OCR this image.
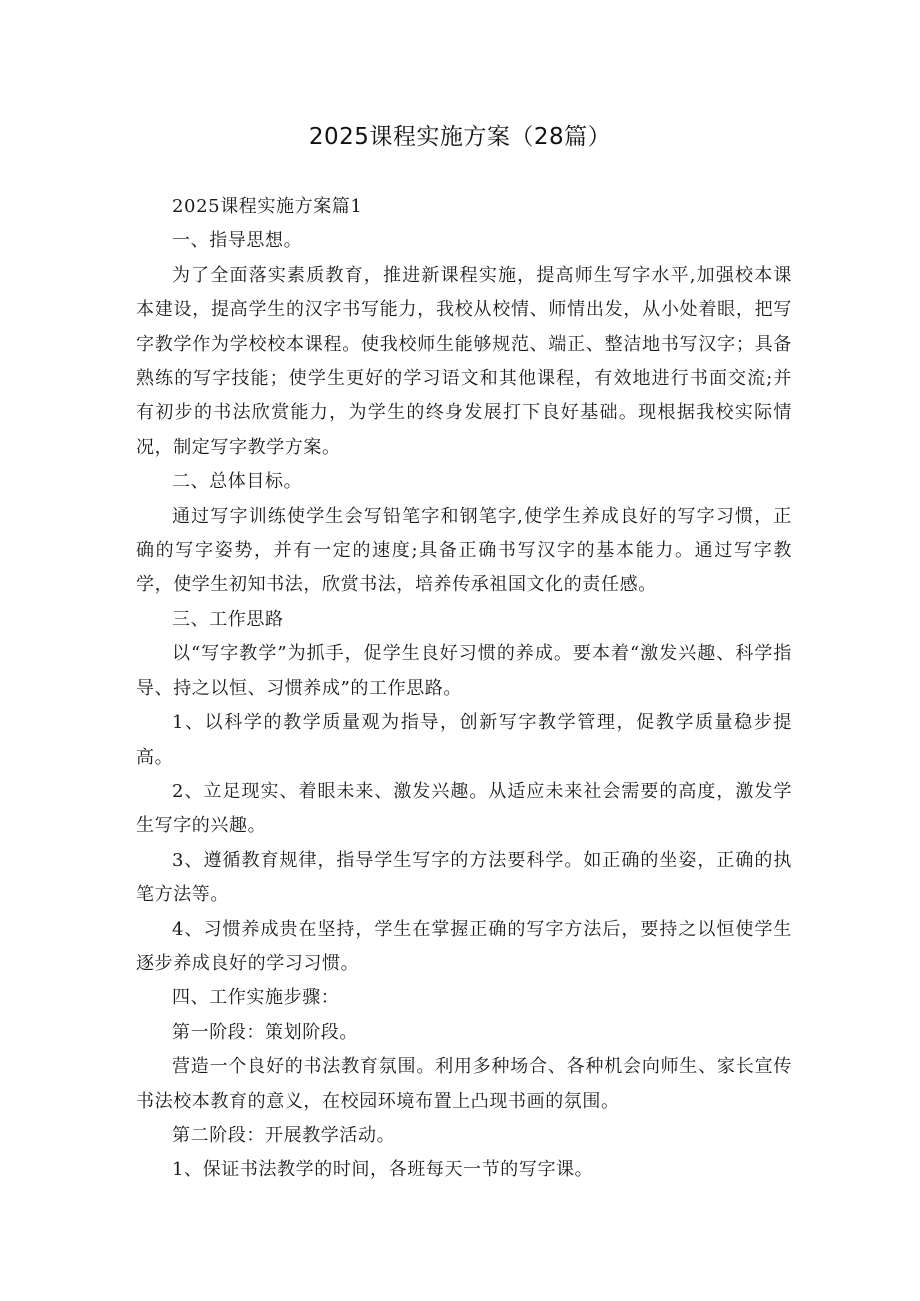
2025课程实施方案（28篇）

2025课程实施方案篇1

一、指导思想。

为了全面落实素质教育，推进新课程实施，提高师生写字水平,加强校本课本建设，提高学生的汉字书写能力，我校从校情、师情出发，从小处着眼，把写字教学作为学校校本课程。使我校师生能够规范、端正、整洁地书写汉字；具备熟练的写字技能；使学生更好的学习语文和其他课程，有效地进行书面交流;并有初步的书法欣赏能力，为学生的终身发展打下良好基础。现根据我校实际情况，制定写字教学方案。

二、总体目标。

通过写字训练使学生会写铅笔字和钢笔字,使学生养成良好的写字习惯，正确的写字姿势，并有一定的速度;具备正确书写汉字的基本能力。通过写字教学，使学生初知书法，欣赏书法，培养传承祖国文化的责任感。

三、工作思路

以“写字教学”为抓手，促学生良好习惯的养成。要本着“激发兴趣、科学指导、持之以恒、习惯养成”的工作思路。

1、以科学的教学质量观为指导，创新写字教学管理，促教学质量稳步提高。

2、立足现实、着眼未来、激发兴趣。从适应未来社会需要的高度，激发学生写字的兴趣。

3、遵循教育规律，指导学生写字的方法要科学。如正确的坐姿，正确的执笔方法等。

4、习惯养成贵在坚持，学生在掌握正确的写字方法后，要持之以恒使学生逐步养成良好的学习习惯。

四、工作实施步骤：

第一阶段：策划阶段。

营造一个良好的书法教育氛围。利用多种场合、各种机会向师生、家长宣传书法校本教育的意义，在校园环境布置上凸现书画的氛围。

第二阶段：开展教学活动。

1、保证书法教学的时间，各班每天一节的写字课。
